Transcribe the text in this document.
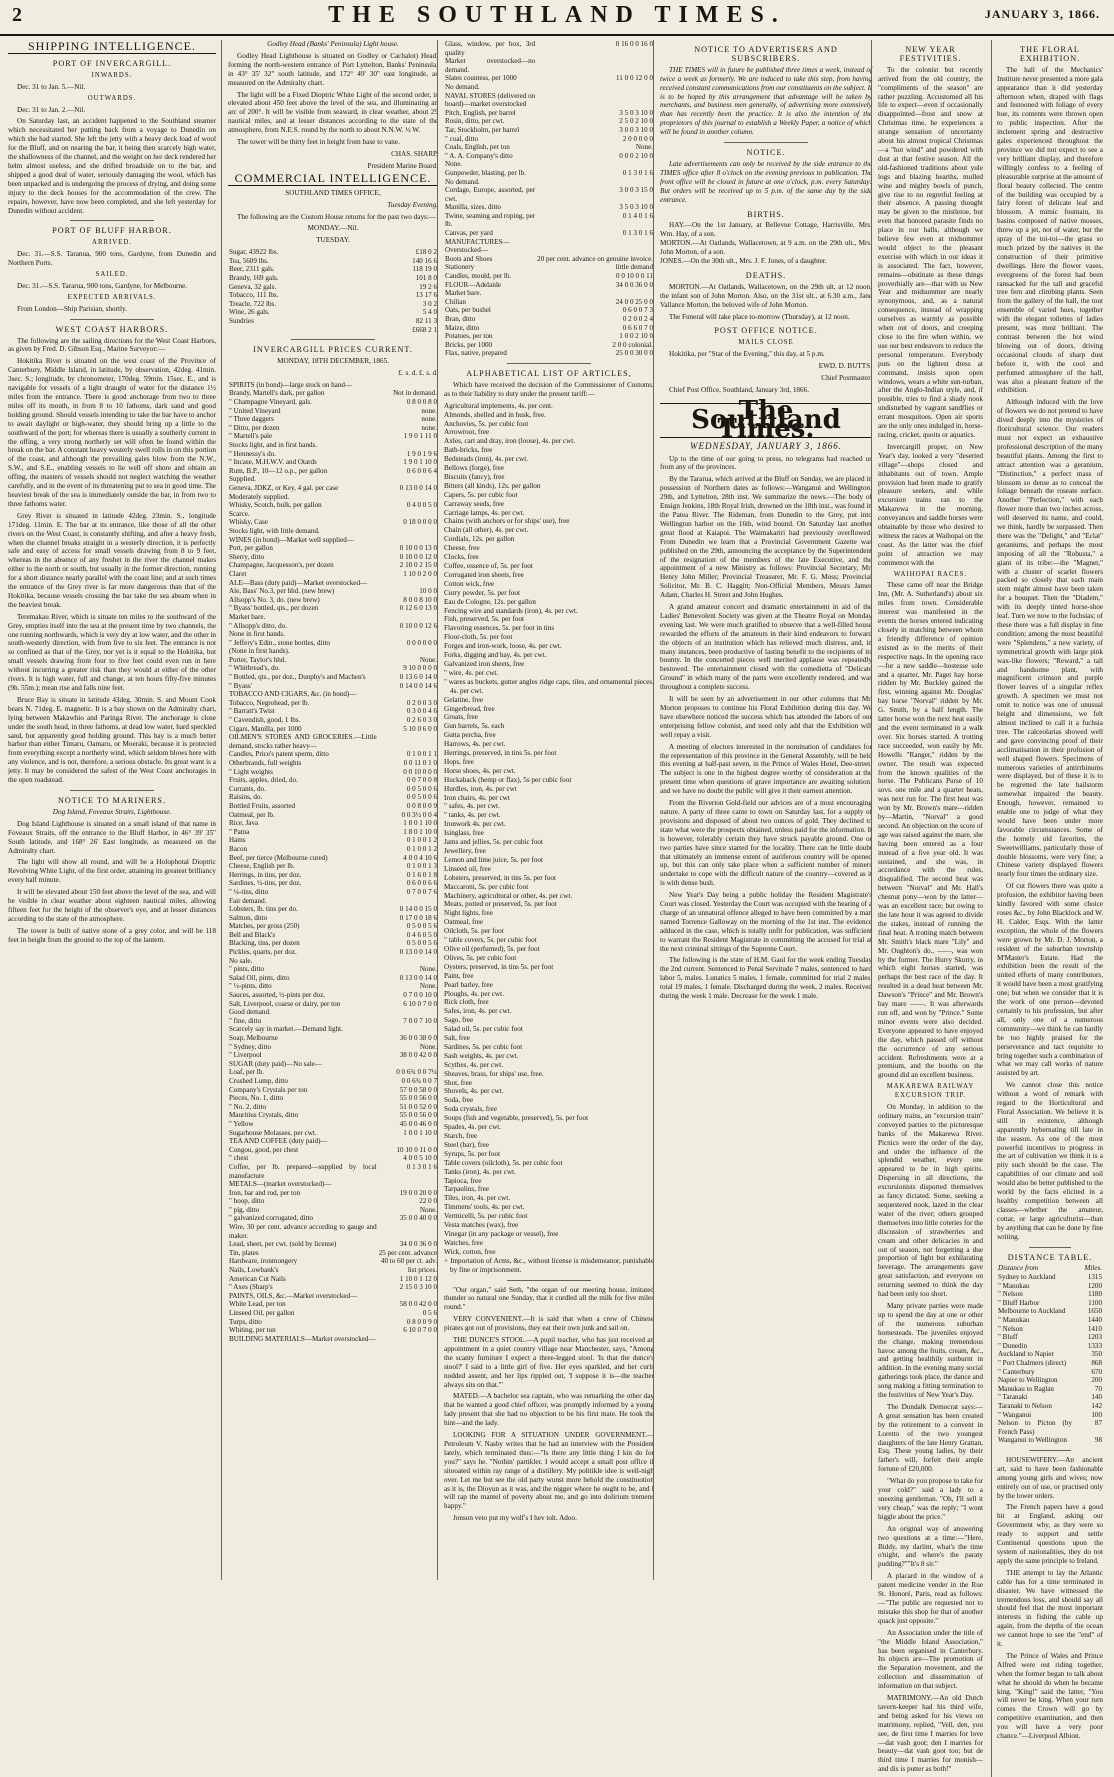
2	THE SOUTHLAND TIMES.	JANUARY 3, 1866.
SHIPPING INTELLIGENCE.
PORT OF INVERCARGILL.
INWARDS.

Dec. 31 to Jan. 5.—Nil.

OUTWARDS.

Dec. 31 to Jan. 2.—Nil.

On Saturday last, an accident happened to the Southland steamer which necessitated her putting back from a voyage to Dunedin on which she had started. She left the jetty with a heavy deck load of wool for the Bluff, and on nearing the bar, it being then scarcely high water, the shallowness of the channel, and the weight on her deck rendered her helm almost useless, and she drifted broadside on to the bar, and shipped a good deal of water, seriously damaging the wool, which has been unpacked and is undergoing the process of drying, and doing some injury to the deck houses for the accommodation of the crew. The repairs, however, have now been completed, and she left yesterday for Dunedin without accident.

PORT OF BLUFF HARBOR.
ARRIVED.

Dec. 31.—S.S. Taranua, 900 tons, Gardyne, from Dunedin and Northern Ports.

SAILED.

Dec. 31.—S.S. Tararua, 900 tons, Gardyne, for Melbourne.

EXPECTED ARRIVALS.

From London—Ship Parisian, shortly.

WEST COAST HARBORS.

The following are the sailing directions for the West Coast Harbors, as given by Fred. D. Gibson Esq., Marine Surveyor:—

Hokitika River is situated on the west coast of the Province of Canterbury, Middle Island, in latitude, by observation, 42deg. 41min. 3sec. S.; longitude, by chronometer, 170deg. 59min. 15sec. E., and is navigable for vessels of a light draught of water for the distance 1½ miles from the entrance. There is good anchorage from two to three miles off its mouth, in from 8 to 10 fathoms, dark sand and good holding ground. Should vessels intending to take the bar have to anchor to await daylight or high-water, they should bring up a little to the southward of the port; for whereas there is usually a southerly current in the offing, a very strong northerly set will often be found within the break on the bar. A constant heavy westerly swell rolls in on this portion of the coast, and although the prevailing gales blow from the N.W., S.W., and S.E., enabling vessels to lie well off shore and obtain an offing, the masters of vessels should not neglect watching the weather carefully, and in the event of its threatening put to sea in good time. The heaviest break of the sea is immediately outside the bar, in from two to three fathoms water.

Grey River is situated in latitude 42deg. 23min. S., longitude 171deg. 11min. E. The bar at its entrance, like those of all the other rivers on the West Coast, is constantly shifting, and after a heavy fresh, when the channel breaks straight in a westerly direction, it is perfectly safe and easy of access for small vessels drawing from 8 to 9 feet, whereas in the absence of any freshet in the river the channel makes either to the north or south, but usually in the former direction, running for a short distance nearly parallel with the coast line; and at such times the entrance of the Grey river is far more dangerous than that of the Hokitika, because vessels crossing the bar take the sea abeam when in the heaviest break.

Teremakau River, which is situate ten miles to the southward of the Grey, empties itself into the sea at the present time by two channels, the one running northwards, which is very dry at low water, and the other in south-westerly direction, with from five to six feet. The entrance is not so confined as that of the Grey, nor yet is it equal to the Hokitika, but small vessels drawing from four to five feet could even run in here without incurring a greater risk than they would at either of the other rivers. It is high water, full and change, at ten hours fifty-five minutes (9h. 55m.); mean rise and falls nine feet.

Bruce Bay is situate in latitude 43deg. 30min. S. and Mount Cook bears N. 71deg. E. magnetic. It is a bay shown on the Admiralty chart, lying between Makawhio and Paringa River. The anchorage is close under the south head, in three fathoms, at dead low water, hard speckled sand, but apparently good holding ground. This bay is a much better harbor than either Timaru, Oamaru, or Moeraki, because it is protected from everything except a northerly wind, which seldom blows here with any violence, and is not, therefore, a serious obstacle. Its great want is a jetty. It may be considered the safest of the West Coast anchorages in the open roadstead.

NOTICE TO MARINERS.

Dog Island, Foveaux Straits, Lighthouse.

Dog Island Lighthouse is situated on a small island of that name in Foveaux Straits, off the entrance to the Bluff Harbor, in 46° 39' 35" South latitude, and 168° 26' East longitude, as measured on the Admiralty chart.

The light will show all round, and will be a Holophotal Dioptric Revolving White Light, of the first order, attaining its greatest brilliancy every half minute.

It will be elevated about 150 feet above the level of the sea, and will be visible in clear weather about eighteen nautical miles, allowing fifteen feet for the height of the observer's eye, and at lesser distances according to the state of the atmosphere.

The tower is built of native stone of a grey color, and will be 118 feet in height from the ground to the top of the lantern.

Godley Head (Banks' Peninsula) Light house.

Godley Head Lighthouse is situated on Godley or Cachalot) Head, forming the north-western entrance of Port Lyttelton, Banks' Peninsula, in 43° 35' 32" south latitude, and 172° 49' 30" east longitude, as measured on the Admiralty chart.

The light will be a Fixed Dioptric White Light of the second order, is elevated about 450 feet above the level of the sea, and illuminating an arc of 200°. It will be visible from seaward, in clear weather, about 29 nautical miles, and at lesser distances according to the state of the atmosphere, from N.E.S. round by the north to about N.N.W. ½ W.

The tower will be thirty feet in height from base to vane.

CHAS. SHARP,

President Marine Board.

COMMERCIAL INTELLIGENCE.

SOUTHLAND TIMES OFFICE,

Tuesday Evening.

The following are the Custom House returns for the past two days:—

MONDAY.—Nil.

TUESDAY.

Sugar, 43922 lbs.	£18 0 2
Tea, 5609 lbs.	140 16 6
Beer, 2311 gals.	118 19 0
Brandy, 169 gals.	101 8 0
Geneva, 32 gals.	19 2 6
Tobacco, 111 lbs.	13 17 6
Treacle, 722 lbs.	3 0 2
Wine, 26 gals.	5 4 0
Sundries	82 11 3
	£668 2 1
INVERCARGILL PRICES CURRENT.

MONDAY, 18TH DECEMBER, 1865.

£. s. d. £. s. d.

SPIRITS (in bond)—large stock on hand—	
Brandy, Martell's dark, per gallon	Not in demand.
" Champagne Vineyard, gals.	0 8 0 0 8 0
" United Vineyard	none.
" Three daggers	none.
" Ditto, per dozen	none.
" Martell's pale	1 9 0 1 11 0
Stocks light, and in first hands.	
" Hennessy's do.	1 9 0 1 9 6
" Incase, M.H.W.V. and Otards	1 9 0 1 10 0
Rum, B.P., 10—12 o.p., per gallon	0 6 0 0 6 4
Supplied.	
Geneva, JDKZ, or Key, 4 gal. per case	0 13 0 0 14 0
Moderately supplied.	
Whisky, Scotch, bulk, per gallon	0 4 0 0 5 0
Scarce.	
Whisky, Case	0 18 0 0 0 0
Stocks light, with little demand.	
WINES (in bond)—Market well supplied—	
Port, per gallon	0 10 0 0 13 0
Sherry, ditto	0 10 0 0 12 0
Champagne, Jacquesson's, per dozen	2 10 0 2 15 0
Claret	1 10 0 2 0 0
ALE—Bass (duty paid)—Market overstocked—	
Ale, Bass' No.3, per hhd. (new brew)	10 0 0
Allsopp's No. 3, do. (new brew)	8 0 0 8 10 0
" Byass' bottled, qts., per dozen	0 12 6 0 13 0
Market bare.	
" Allsopp's ditto, do.	0 10 0 0 12 6
None in first hands.	
" Jeffery's Edin., stone bottles, ditto	0 0 0 0 0 0
(None in first hands).	
Porter, Taylor's hhd.	None.
" Whitbread's, do.	9 10 0 0 0 0
" Bottled, qts., per doz., Dunphy's and Machen's	0 13 6 0 14 0
" Byass'	0 14 0 0 14 6
TOBACCO AND CIGARS, &c. (in bond)—	
Tobacco, Negrohead, per lb.	0 2 0 0 3 0
" Barratt's Twist	0 3 0 0 4 6
" Cavendish, good, 1 lbs.	0 2 6 0 3 0
Cigars, Manilla, per 1000	5 10 0 6 0 0
OILMEN'S STORES AND GROCERIES.—Little demand, stocks rather heavy—	
Candles, Price's patent sperm, ditto	0 1 0 0 1 1
Otherbrands, full weights	0 0 11 0 1 0
" Light weights	0 0 10 0 0 0
Fruits, apples, dried, do.	0 0 7 0 0 8
Currants, do.	0 0 5 0 0 6
Raisins, do.	0 0 5 0 0 6
Bottled Fruits, assorted	0 0 8 0 0 9
Oatmeal, per lb.	0 0 3½ 0 0 4
Rice, Java	1 8 0 1 10 0
" Patna	1 8 0 1 10 0
Hams	0 1 0 0 1 2
Bacon	0 1 0 0 1 2
Beef, per tierce (Melbourne cured)	4 0 0 4 10 6
Cheese, English per lb.	0 1 0 0 1 3
Herrings, in tins, per doz.	0 1 6 0 1 8
Sardines, ½-tins, per doz.	0 6 0 0 6 6
" ¼-tins, ditto	0 7 0 0 7 6
Fair demand.	
Lobsters, lb. tins per do.	0 14 0 0 15 0
Salmon, ditto	0 17 0 0 18 6
Matches, per gross (250)	0 5 0 0 5 6
Bell and Black's	0 4 6 0 5 0
Blacking, tins, per dozen	0 5 0 0 5 6
Pickles, quarts, per doz.	0 13 0 0 14 0
No sale.	
" pints, ditto	None.
Salad Oil, pints, ditto	0 13 0 0 14 0
" ½-pints, ditto	None.
Sauces, assorted, ½-pints per doz.	0 7 0 0 10 0
Salt, Liverpool, coarse or dairy, per ton	6 10 0 7 0 0
Good demand.	
" fine, ditto	7 0 0 7 10 0
Scarcely say in market.—Demand light.	
Soap, Melbourne	36 0 0 38 0 0
" Sydney, ditto	None.
" Liverpool	38 0 0 42 0 0
SUGAR (duty paid)—No sale—	
Loaf, per lb.	0 0 6¾ 0 0 7¼
Crushed Lump, ditto	0 0 6¾ 0 0 7
Company's Crystals per ton	57 0 0 58 0 0
Pieces, No. 1, ditto	55 0 0 56 0 0
" No. 2, ditto	51 0 0 52 0 0
Mauritius Crystals, ditto	55 0 0 56 0 0
" Yellow	45 0 0 46 0 0
Sugarhouse Molasses, per cwt.	1 0 0 1 10 0
TEA AND COFFEE (duty paid)—	
Congou, good, per chest	10 10 0 11 0 0
" chest	4 0 0 5 10 0
Coffee, per lb. prepared—supplied by local manufacture	0 1 3 0 1 6
METALS—(market overstocked)—	
Iron, bar and rod, per ton	19 0 0 20 0 0
" hoop, ditto	22 0 0
" pig, ditto	None.
" galvanized corrugated, ditto	35 0 0 40 0 0
Wire, 30 per cent. advance according to gauge and maker.	
Lead, sheet, per cwt. (sold by license)	34 0 0 36 0 0
Tin, plates	25 per cent. advance
Hardware, ironmongery	40 to 60 per ct. adv.
Nails, Lowbank's	list prices.
American Cut Nails	1 10 0 1 12 0
" Axes (Sharp's	2 15 0 3 10 0
PAINTS, OILS, &c.—Market overstocked—	
White Lead, per ton	58 0 0 42 0 0
Linseed Oil, per gallon	0 5 6
Turps, ditto	0 8 0 0 9 0
Whiting, per ton	6 10 0 7 0 0
BUILDING MATERIALS—Market overstocked—	
Glass, window, per box, 3rd quality	0 16 0 0 16 0
Market overstocked—no demand.	
Slates countess, per 1000	11 0 0 12 0 0
No demand.	
NAVAL STORES (delivered on board)—market overstocked	
Pitch, English, per barrel	3 5 0 3 10 0
Rosin, ditto, per cwt.	2 5 0 2 10 0
Tar, Stockholm, per barrel	3 0 0 3 10 0
" coal, ditto	2 0 0 0 0 0
Coals, English, per ton	None.
" A. A. Company's ditto	0 0 0 2 10 0
None.	
Gunpowder, blasting, per lb.	0 1 3 0 1 6
No demand.	
Cordage, Europe, assorted, per cwt.	3 0 0 3 15 0
Manilla, sizes, ditto	3 5 0 3 10 0
Twine, seaming and roping, per lb.	0 1 4 0 1 6
Canvas, per yard	0 1 3 0 1 6
MANUFACTURES—Overstocked—	
Boots and Shoes	20 per cent. advance on genuine invoice.
Stationery	little demand
Candles, mould, per lb.	0 0 10 0 0 11
FLOUR—Adelaide	34 0 0 36 0 0
Market bare.	
Chilian	24 0 0 25 0 0
Oats, per bushel	0 6 0 0 7 3
Bran, ditto	0 2 0 0 2 4
Maize, ditto	0 6 6 0 7 0
Potatoes, per ton	1 0 0 2 10 0
Bricks, per 1000	2 0 0 colonial.
Flax, native, prepared	25 0 0 30 0 0
ALPHABETICAL LIST OF ARTICLES,

Which have received the decision of the Commissioner of Customs, as to their liability to duty under the present tariff:—

Agricultural implements, 4s. per cent.
Almonds, shelled and in husk, free.
Anchovies, 5s. per cubic foot
Arrowroot, free
Axles, cart and dray, iron (loose), 4s. per cwt.
Bath-bricks, free
Bedsteads (iron), 4s. per cwt.
Bellows (forge), free
Biscuits (fancy), free
Bitters (all kinds), 12s. per gallon
Capers, 5s. per cubic foot
Carraway seeds, free
Carriage lamps, 4s. per cwt.
Chains (with anchors or for ships' use), free
Chain (all other), 4s. per cwt.
Cordials, 12s. per gallon
Cheese, free
Clocks, free
Coffee, essence of, 5s. per foot
Corrugated iron sheets, free
Cotton wick, free
Curry powder, 5s. per foot
Eau de Cologne, 12s. per gallon
Fencing wire and standards (iron), 4s. per cwt.
Fish, preserved, 5s. per foot
Flavoring essences, 5s. per foot in tins
Floor-cloth, 5s. per foot
Forges and iron-work, loose, 4s. per cwt.
Forks, digging and hay, 4s. per cwt.
Galvanized iron sheets, free
" wire, 4s. per cwt.
" wares as buckets, gutter angles ridge caps, tiles, and ornamental pieces, 4s. per cwt.
Gelatine, free
Gingerbread, free
Groats, free
Gun barrels, 5s. each
Gutta percha, free
Harrows, 4s. per cwt.
Herrings, preserved, in tins 5s. per foot
Hops, free
Horse shoes, 4s. per cwt.
Huckaback (hemp or flax), 5s per cubic foot
Hurdles, iron, 4s. per cwt
Iron chairs, 4s. per cwt
" safes, 4s. per cwt.
" tanks, 4s. per cwt.
Ironwork 4s. per cwt.
Isinglass, free
Jams and jellies, 5s. per cubic foot
Jewellery, free
Lemon and lime juice, 5s. per foot
Linseed oil, free
Lobsters, preserved, in tins 5s. per foot
Maccaroni, 5s. per cubic foot
Machinery, agricultural or other, 4s. per cwt.
Meats, potted or preserved, 5s. per foot
Night lights, free
Oatmeal, free
Oilcloth, 5s. per foot
" table covers, 5s. per cubic foot
Olive oil (perfumed), 5s. per foot
Olives, 5s. per cubic foot
Oysters, preserved, in tins 5s. per foot
Paint, free
Pearl barley, free
Ploughs, 4s. per cwt.
Rick cloth, free
Safes, iron, 4s. per cwt.
Sago, free
Salad oil, 5s. per cubic foot
Salt, free
Sardines, 5s. per cubic foot
Sash weights, 4s. per cwt.
Scythes, 4s. per cwt.
Sheaves, brass, for ships' use, free.
Shot, free
Shovels, 4s. per cwt.
Soda, free
Soda crystals, free
Soups (fish and vegetable, preserved), 5s. per foot
Spades, 4s. per cwt.
Starch, free
Steel (bar), free
Syrups, 5s. per foot
Table covers (oilcloth), 5s. per cubic foot
Tanks (iron), 4s. per cwt.
Tapioca, free
Tarpaulins, free
Tiles, iron, 4s. per cwt.
Timmens' tools, 4s. per cwt.
Vermicelli, 5s. per cubic foot
Vesta matches (wax), free
Vinegar (in any package or vessel), free
Watches, free
Wick, cotton, free
+ Importation of Arms, &c., without license is misdemeanor, punishable by fine or imprisonment.

"Our organ," said Seth, "the organ of our meeting house, imitated thunder so natural one Sunday, that it curdled all the milk for five miles round."

VERY CONVENIENT.—It is said that when a crew of Chinese pirates got out of provisions, they eat their own junk and sail on.

THE DUNCE'S STOOL.—A pupil teacher, who has just received an appointment in a quiet country village near Manchester, says, "Among the scanty furniture I expect a three-legged stool. 'Is that the dunce's stool?' I said to a little girl of five. Her eyes sparkled, and her curls nodded assent, and her lips rippled out, 'I suppose it is—the teacher always sits on that.'"

MATED.—A bachelor sea captain, who was remarking the other day that he wanted a good chief officer, was promptly informed by a young lady present that she had no objection to be his first mate. He took the hint—and the lady.

LOOKING FOR A SITUATION UNDER GOVERNMENT.—Petroleum V. Nasby writes that he had an interview with the President lately, which terminated thus:—"Is there any little thing I kin do for you?" says he. "Nothin' partikler. I would accept a small post office if sitooated within ray range of a distillery. My politikle idee is well-nigh over. Let me but see the old party wunst more behold the constituotion as it is, the Dioyun as it was, and the nigger where he ought to be, and I will rap the mantel of poverty about me, and go into dolirium tremens happy."

Jonson veto put my wolf's I hev tolt. Adoo.

NOTICE TO ADVERTISERS AND SUBSCRIBERS.

THE TIMES will in future be published three times a week, instead of twice a week as formerly. We are induced to take this step, from having received constant communications from our constituents on the subject. It is to be hoped by this arrangement that advantage will be taken by merchants, and business men generally, of advertising more extensively than has recently been the practice. It is also the intention of the proprietors of this journal to establish a Weekly Paper, a notice of which will be found in another column.

NOTICE.

Late advertisements can only be received by the side entrance to the TIMES office after 8 o'clock on the evening previous to publication. The front office will be closed in future at one o'clock, p.m. every Saturday: But orders will be received up to 5 p.m. of the same day by the side entrance.

BIRTHS.

HAY.—On the 1st January, at Bellevue Cottage, Harrisville, Mrs. Wm. Hay, of a son.
MORTON.—At Oatlands, Wallacetown, at 9 a.m. on the 29th ult., Mrs. John Morton, of a son.
JONES.—On the 30th ult., Mrs. J. F. Jones, of a daughter.

DEATHS.

MORTON.—At Oatlands, Wallacetown, on the 29th ult, at 12 noon, the infant son of John Morton. Also, on the 31st ult., at 6.30 a.m., Jane Vallance Morton, the beloved wife of John Morton.

The Funeral will take place to-morrow (Thursday), at 12 noon.

POST OFFICE NOTICE.
MAILS CLOSE

Hokitika, per "Star of the Evening," this day, at 5 p.m.

EWD. D. BUTTS,

Chief Postmaster.

Chief Post Office, Southland, January 3rd, 1866.

The Southland Times.
WEDNESDAY, JANUARY 3, 1866.

Up to the time of our going to press, no telegrams had reached us from any of the provinces.

By the Tararua, which arrived at the Bluff on Sunday, we are placed in possession of Northern dates as follows:—Wanganui and Wellington, 29th, and Lyttelton, 28th inst. We summarize the news.—The body of Ensign Jenkins, 18th Royal Irish, drowned on the 18th inst., was found in the Patea River. The Rideman, from Dunedin to the Grey, put into Wellington harbor on the 16th, wind bound. On Saturday last another great flood at Kaiapoi. The Waimakariri had previously overflowed. From Dunedin we learn that a Provincial Government Gazette was published on the 29th, announcing the acceptance by the Superintendent of the resignation of the members of the late Executive, and the appointment of a new Ministry as follows: Provincial Secretary, Mr. Henry John Miller; Provincial Treasurer, Mr. F. G. Moss; Provincial Solicitor, Mr. B. C. Haggitt; Non-Official Members, Messrs James Adam, Charles H. Street and John Hughes.

A grand amateur concert and dramatic entertainment in aid of the Ladies' Benevolent Society was given at the Theatre Royal on Monday evening last. We were much gratified to observe that a well-filled house rewarded the efforts of the amateurs in their kind endeavors to forward the objects of an institution which has relieved much distress, and, in many instances, been productive of lasting benefit to the recipients of its bounty. In the concerted pieces well merited applause was repeatedly bestowed. The entertainment closed with the comedietta of "Delicate Ground" in which many of the parts were excellently rendered, and was throughout a complete success.

It will be seen by an advertisement in our other columns that Mr. Morton proposes to continue his Floral Exhibition during this day. We have elsewhere noticed the success which has attended the labors of our enterprising fellow colonist, and need only add that the Exhibition will well repay a visit.

A meeting of electors interested in the nomination of candidates for the representation of this province in the General Assembly, will be held this evening at half-past seven, in the Prince of Wales Hotel, Dee-street. The subject is one in the highest degree worthy of consideration at the present time when questions of grave importance are awaiting solution, and we have no doubt the public will give it their earnest attention.

From the Riverton Gold-field our advices are of a most encouraging nature. A party of three came to town on Saturday last, for a supply of provisions and disposed of about two ounces of gold. They declined to state what were the prospects obtained, unless paid for the information. It is however, tolerably certain they have struck payable ground. One or two parties have since started for the locality. There can be little doubt that ultimately an immense extent of auriferous country will be opened up, but this can only take place when a sufficient number of miners undertake to cope with the difficult nature of the country—covered as it is with dense bush.

New Year's Day being a public holiday the Resident Magistrate's Court was closed. Yesterday the Court was occupied with the hearing of a charge of an unnatural offence alleged to have been committed by a man named Torrence Galloway on the morning of the 1st inst. The evidence adduced in the case, which is totally unfit for publication, was sufficient to warrant the Resident Magistrate in committing the accused for trial at the next criminal sittings of the Supreme Court.

The following is the state of H.M. Gaol for the week ending Tuesday the 2nd current. Sentenced to Penal Servitude 7 males, sentenced to hard labor 5, males. Lunatics 5 males, 1 female, committed for trial 2 males, total 19 males, 1 female. Discharged during the week, 2 males. Received during the week 1 male. Decrease for the week 1 male.

NEW YEAR FESTIVITIES.

To the colonist but recently arrived from the old country, the "compliments of the season" are rather puzzling. Accustomed all his life to expect—even if occasionally disappointed—frost and snow at Christmas time, he experiences a strange sensation of uncertainty about his almost tropical Christmas—a "hot wind" and powdered with dust at that festive season. All the old-fashioned traditions about yule logs and blazing hearths, mulled wine and mighty bowls of punch, give rise to no regretful feeling at their absence. A passing thought may be given to the mistletoe, but even that honored parasite finds no place in our halls, although we believe few even at midsummer would object to the pleasant exercise with which in our ideas it is associated. The fact, however, remains—obstinate as these things proverbially are—that with us New Year and midsummer are nearly synonymous, and, as a natural consequence, instead of wrapping ourselves as warmly as possible when out of doors, and creeping close to the fire when within, we use our best endeavors to reduce the personal temperature. Everybody puts on the lightest dress at command, insists upon open windows, wears a white sun-turban, after the Anglo-Indian style, and, if possible, tries to find a shady nook undisturbed by vagrant sandflies or errant mosquitoes. Open air sports are the only ones indulged in, horse-racing, cricket, quoits or aquatics.

Invercargill proper, on New Year's day, looked a very "deserted village"—shops closed and inhabitants out of town. Ample provision had been made to gratify pleasure seekers, and while excursion trains ran to the Makarewa in the morning, conveyances and saddle horses were obtainable by those who desired to witness the races at Waihopai on the coast. As the latter was the chief point of attraction we may commence with the

WAIHOPAI RACES.

These came off near the Bridge Inn, (Mr. A. Sutherland's) about six miles from town. Considerable interest was manifested in the events the horses entered indicating closely in matching between whom a friendly difference of opinion existed as to the merits of their respective nags. In the opening race—for a new saddle—hostesse sole and a quarter, Mr. Paget hay horse ridden by Mr. Buckley gained the first, winning against Mr. Douglas' bay horse "Norval" ridden by Mr. G. Smith, by a half length. The latter horse won the next heat easily and the event terminated in a walk over. Six horses started. A trotting race succeeded, won easily by Mr. Howells "Ranger," ridden by the owner. The result was expected from the known qualities of the horse. The Publicans Purse of 10 sovs. one mile and a quarter heats, was next run for. The first heat was won by Mr. Brown's mare—ridden by—Martin, "Norval" a good second. An objection on the score of age was raised against the mare, she having been entered as a four instead of a five year old. It was sustained, and she was, in accordance with the rules, disqualified. The second heat was between "Norval" and Mr. Hall's chesnut pony—won by the latter—was an excellent race; but owing to the late hour it was agreed to divide the stakes, instead of running the final heat. A trotting match between Mr. Smith's black mare "Lily" and Mr. Oughton's do., ——, was won by the former. The Hurry Skurry, in which eight horses started, was perhaps the best race of the day. It resulted in a dead heat between Mr. Dawson's "Prince" and Mr. Brown's bay mare ——. It was afterwards run off, and won by "Prince." Some minor events were also decided. Everyone appeared to have enjoyed the day, which passed off without the occurrence of any serious accident. Refreshments were at a premium, and the booths on the ground did an excellent business.

MAKAREWA RAILWAY EXCURSION TRIP.

On Monday, in addition to the ordinary trains, an "excursion train" conveyed parties to the picturesque banks of the Makarewa River. Picnics were the order of the day, and under the influence of the splendid weather, every one appeared to be in high spirits. Dispersing in all directions, the excursionists disported themselves as fancy dictated. Some, seeking a sequestered nook, lazed in the clear water of the river; others grouped themselves into little coteries for the discussion of strawberries and cream and other delicacies in and out of season, not forgetting a due proportion of light but exhilarating beverage. The arrangements gave great satisfaction, and everyone on returning seemed to think the day had been only too short.

Many private parties were made up to spend the day at one or other of the numerous suburban homesteads. The juveniles enjoyed the change, making tremendous havoc among the fruits, cream, &c., and getting healthily sunburnt in addition. In the evening many social gatherings took place, the dance and song making a fitting termination to the festivities of New Year's Day.

The Dundalk Democrat says:—A great sensation has been created by the retirement to a convent in Loretto of the two youngest daughters of the late Henry Grattan, Esq. These young ladies, by their father's will, forfeit their ample fortune of £20,000.

"What do you propose to take for your cold?" said a lady to a sneezing gentleman. "Oh, I'll sell it very cheap," was the reply; "I wont higgle about the price."

An original way of answering two questions at a time:—"Here, Biddy, my darlint, what's the time o'night, and where's the paraty pudding?""It's 8 sir."

A placard in the window of a patent medicine vender in the Rue St. Honoré, Paris, read as follows:—"The public are requested not to mistake this shop for that of another quack just opposite."

An Association under the title of "the Middle Island Association," has been organised in Canterbury. Its objects are—The promotion of the Separation movement, and the collection and dissemination of information on that subject.

MATRIMONY.—An old Dutch tavern-keeper had his third wife, and being asked for his views on matrimony, replied, "Vell, den, you see, de first time I marries for love—dat vash goot; den I marries for beauty—dat vash goot too; but de third time I marries for monish—and dis is putter as both!"

THE FLORAL EXHIBITION.

The hall of the Mechanics' Institute never presented a more gala appearance than it did yesterday afternoon when, draped with flags and festooned with foliage of every hue, its contents were thrown open to public inspection. After the inclement spring and destructive gales experienced throughout the province we did not expect to see a very brilliant display, and therefore willingly confess to a feeling of pleasurable surprise at the amount of floral beauty collected. The centre of the building was occupied by a fairy forest of delicate leaf and blossom. A mimic fountain, its basins composed of native mosses, threw up a jet, not of water, but the spray of the toi-toi—the grass so much prized by the natives in the construction of their primitive dwellings. Here the flower vases, evergreens of the forest had been ransacked for the tall and graceful tree fern and climbing plants. Seen from the gallery of the hall, the tout ensemble of varied hues, together with the elegant toilettes of ladies present, was most brilliant. The contrast between the hot wind blowing out of doors, driving occasional clouds of sharp dust before it, with the cool and perfumed atmosphere of the hall, was also a pleasant feature of the exhibition.

Although induced with the love of flowers we do not pretend to have dived deeply into the mysteries of floricultural science. Our readers must not expect an exhaustive professional description of the many beautiful plants. Among the first to attract attention was a geranium, "Distinction," a perfect mass of blossom so dense as to conceal the foliage beneath the roseate surface. Another "Perfection," with each flower more than two inches across, well deserved its name, and could, we think, hardly be surpassed. Then there was the "Delight," and "Eclat" geraniums, and perhaps the most imposing of all the "Robusta," a giant of its tribe:—the "Magnet," with a cluster of scarlet flowers packed so closely that each main stem might almost have been taken for a bouquet. Then the "Diadem," with its deeply tinted horse-shoe leaf. Turn we now to the fuchsias; of these there was a full display in fine condition; among the most beautiful were "Splendens," a new variety, of symmetrical growth with large pink wax-like flowers; "Reward," a tall and handsome plant, with magnificent crimson and purple flower leaves of a singular reflex growth. A specimen we must not omit to notice was one of unusual height and dimensions, we felt almost inclined to call it a fuchsia tree. The calceolarias showed well and gave convincing proof of their acclimatisation in their profusion of well shaped flowers. Specimens of numerous varieties of antirrhinums were displayed, but of these it is to be regretted the late hailstorm somewhat impaired the beauty. Enough, however, remained to enable one to judge of what they would have been under more favorable circumstances. Some of the homely old favorites, the Sweetwilliams, particularly those of double blossoms, were very fine; a Chinese variety displayed flowers nearly four times the ordinary size.

Of cut flowers there was quite a profusion, the exhibitor having been kindly favored with some choice roses &c., by John Blacklock and W. H. Calder, Esqs. With the latter exception, the whole of the flowers were grown by Mr. D. J. Morton, a resident of the suburban township M'Master's Estate. Had the exhibition been the result of the united efforts of many contributors, it would have been a most gratifying one; but when we consider that it is the work of one person—devoted certainly to his profession, but after all, only one of a numerous community—we think he can hardly be too highly praised for the perseverance and tact requisite to bring together such a combination of what we may call works of nature assisted by art.

We cannot close this notice without a word of remark with regard to the Horticultural and Floral Association. We believe it is still in existence, although apparently hybernating till late in the season. As one of the most powerful incentives to progress in the art of cultivation we think it is a pity such should be the case. The capabilities of our climate and soil would also be better published to the world by the facts elicited in a healthy competition between all classes—whether the amateur, cottar, or large agriculturist—than by anything that can be done by fine writing.

DISTANCE TABLE.
Distance from	Miles.
Sydney to Auckland	1315
" Manukau	1200
" Nelson	1180
" Bluff Harbor	1100
Melbourne to Auckland	1650
" Manukau	1440
" Nelson	1410
" Bluff	1203
" Dunedin	1333
Auckland to Napier	350
" Port Chalmers (direct)	868
" Canterbury	670
Napier to Wellington	200
Manukau to Raglan	70
" Taranaki	140
Taranaki to Nelson	142
" Wanganui	100
Nelson to Picton (by French Pass)	87
Wanganui to Wellington	98

HOUSEWIFERY.—An ancient art, said to have been fashionable among young girls and wives; now entirely out of use, or practised only by the lower orders.

The French papers have a good hit at England, asking our Government why, as they were so ready to support and settle Continental questions upon the system of nationalities, they do not apply the same principle to Ireland.

THE attempt to lay the Atlantic cable has for a time terminated in disaster. We have witnessed the tremendous loss, and should say all should feel that the most important interests in fishing the cable up again, from the depths of the ocean we cannot hope to see the "end" of it.

The Prince of Wales and Prince Alfred were out riding together, when the former began to talk about what he should do when he became king. "King!" said the latter, "You will never be king. When your turn comes the Crown will go by competitive examination, and then you will have a very poor chance."—Liverpool Albion.
